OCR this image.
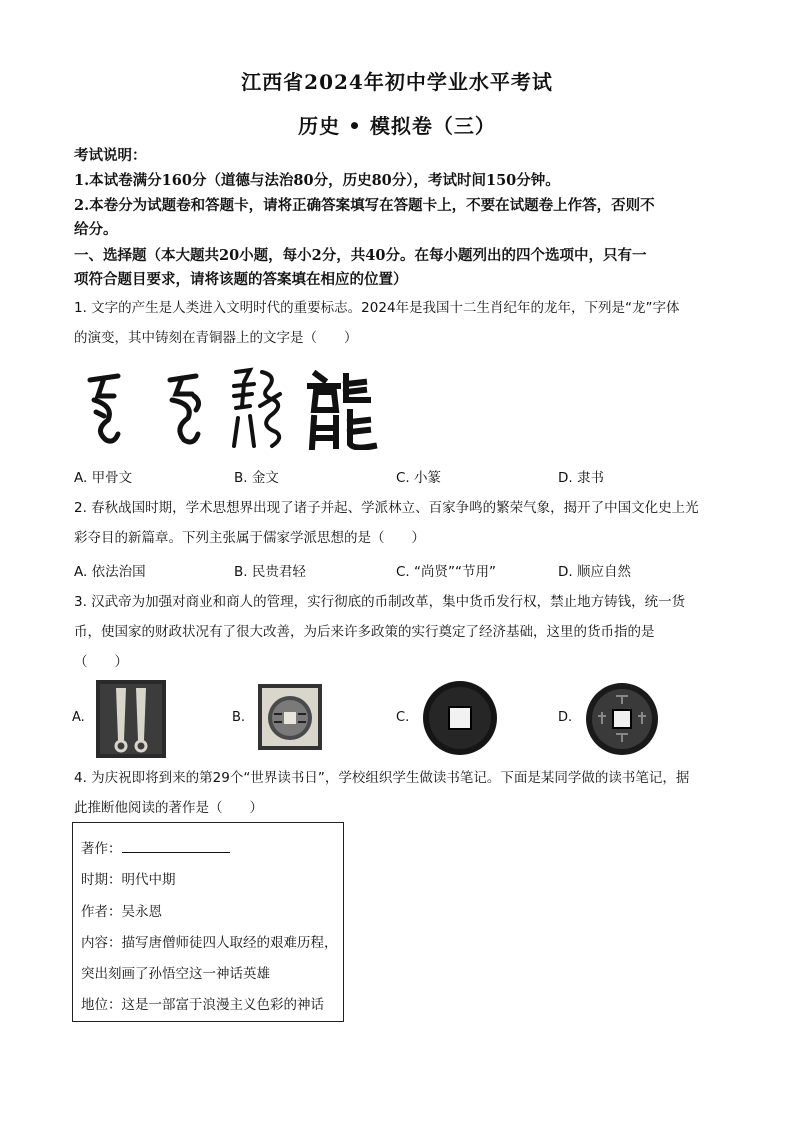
江西省2024年初中学业水平考试
历史 • 模拟卷（三）
考试说明：
1.本试卷满分160分（道德与法治80分，历史80分），考试时间150分钟。
2.本卷分为试题卷和答题卡，请将正确答案填写在答题卡上，不要在试题卷上作答，否则不
给分。
一、选择题（本大题共20小题，每小2分，共40分。在每小题列出的四个选项中，只有一
项符合题目要求，请将该题的答案填在相应的位置）
1. 文字的产生是人类进入文明时代的重要标志。2024年是我国十二生肖纪年的龙年，下列是“龙”字体
的演变，其中铸刻在青铜器上的文字是（　　）
A. 甲骨文	B. 金文	C. 小篆	D. 隶书
2. 春秋战国时期，学术思想界出现了诸子并起、学派林立、百家争鸣的繁荣气象，揭开了中国文化史上光
彩夺目的新篇章。下列主张属于儒家学派思想的是（　　）
A. 依法治国	B. 民贵君轻	C. “尚贤”“节用”	D. 顺应自然
3. 汉武帝为加强对商业和商人的管理，实行彻底的币制改革，集中货币发行权，禁止地方铸钱，统一货
币，使国家的财政状况有了很大改善，为后来许多政策的实行奠定了经济基础，这里的货币指的是
（　　）
A.	B.	C.	D.
4. 为庆祝即将到来的第29个“世界读书日”，学校组织学生做读书笔记。下面是某同学做的读书笔记，据
此推断他阅读的著作是（　　）
著作：
时期：明代中期
作者：吴永恩
内容：描写唐僧师徒四人取经的艰难历程，
突出刻画了孙悟空这一神话英雄
地位：这是一部富于浪漫主义色彩的神话
